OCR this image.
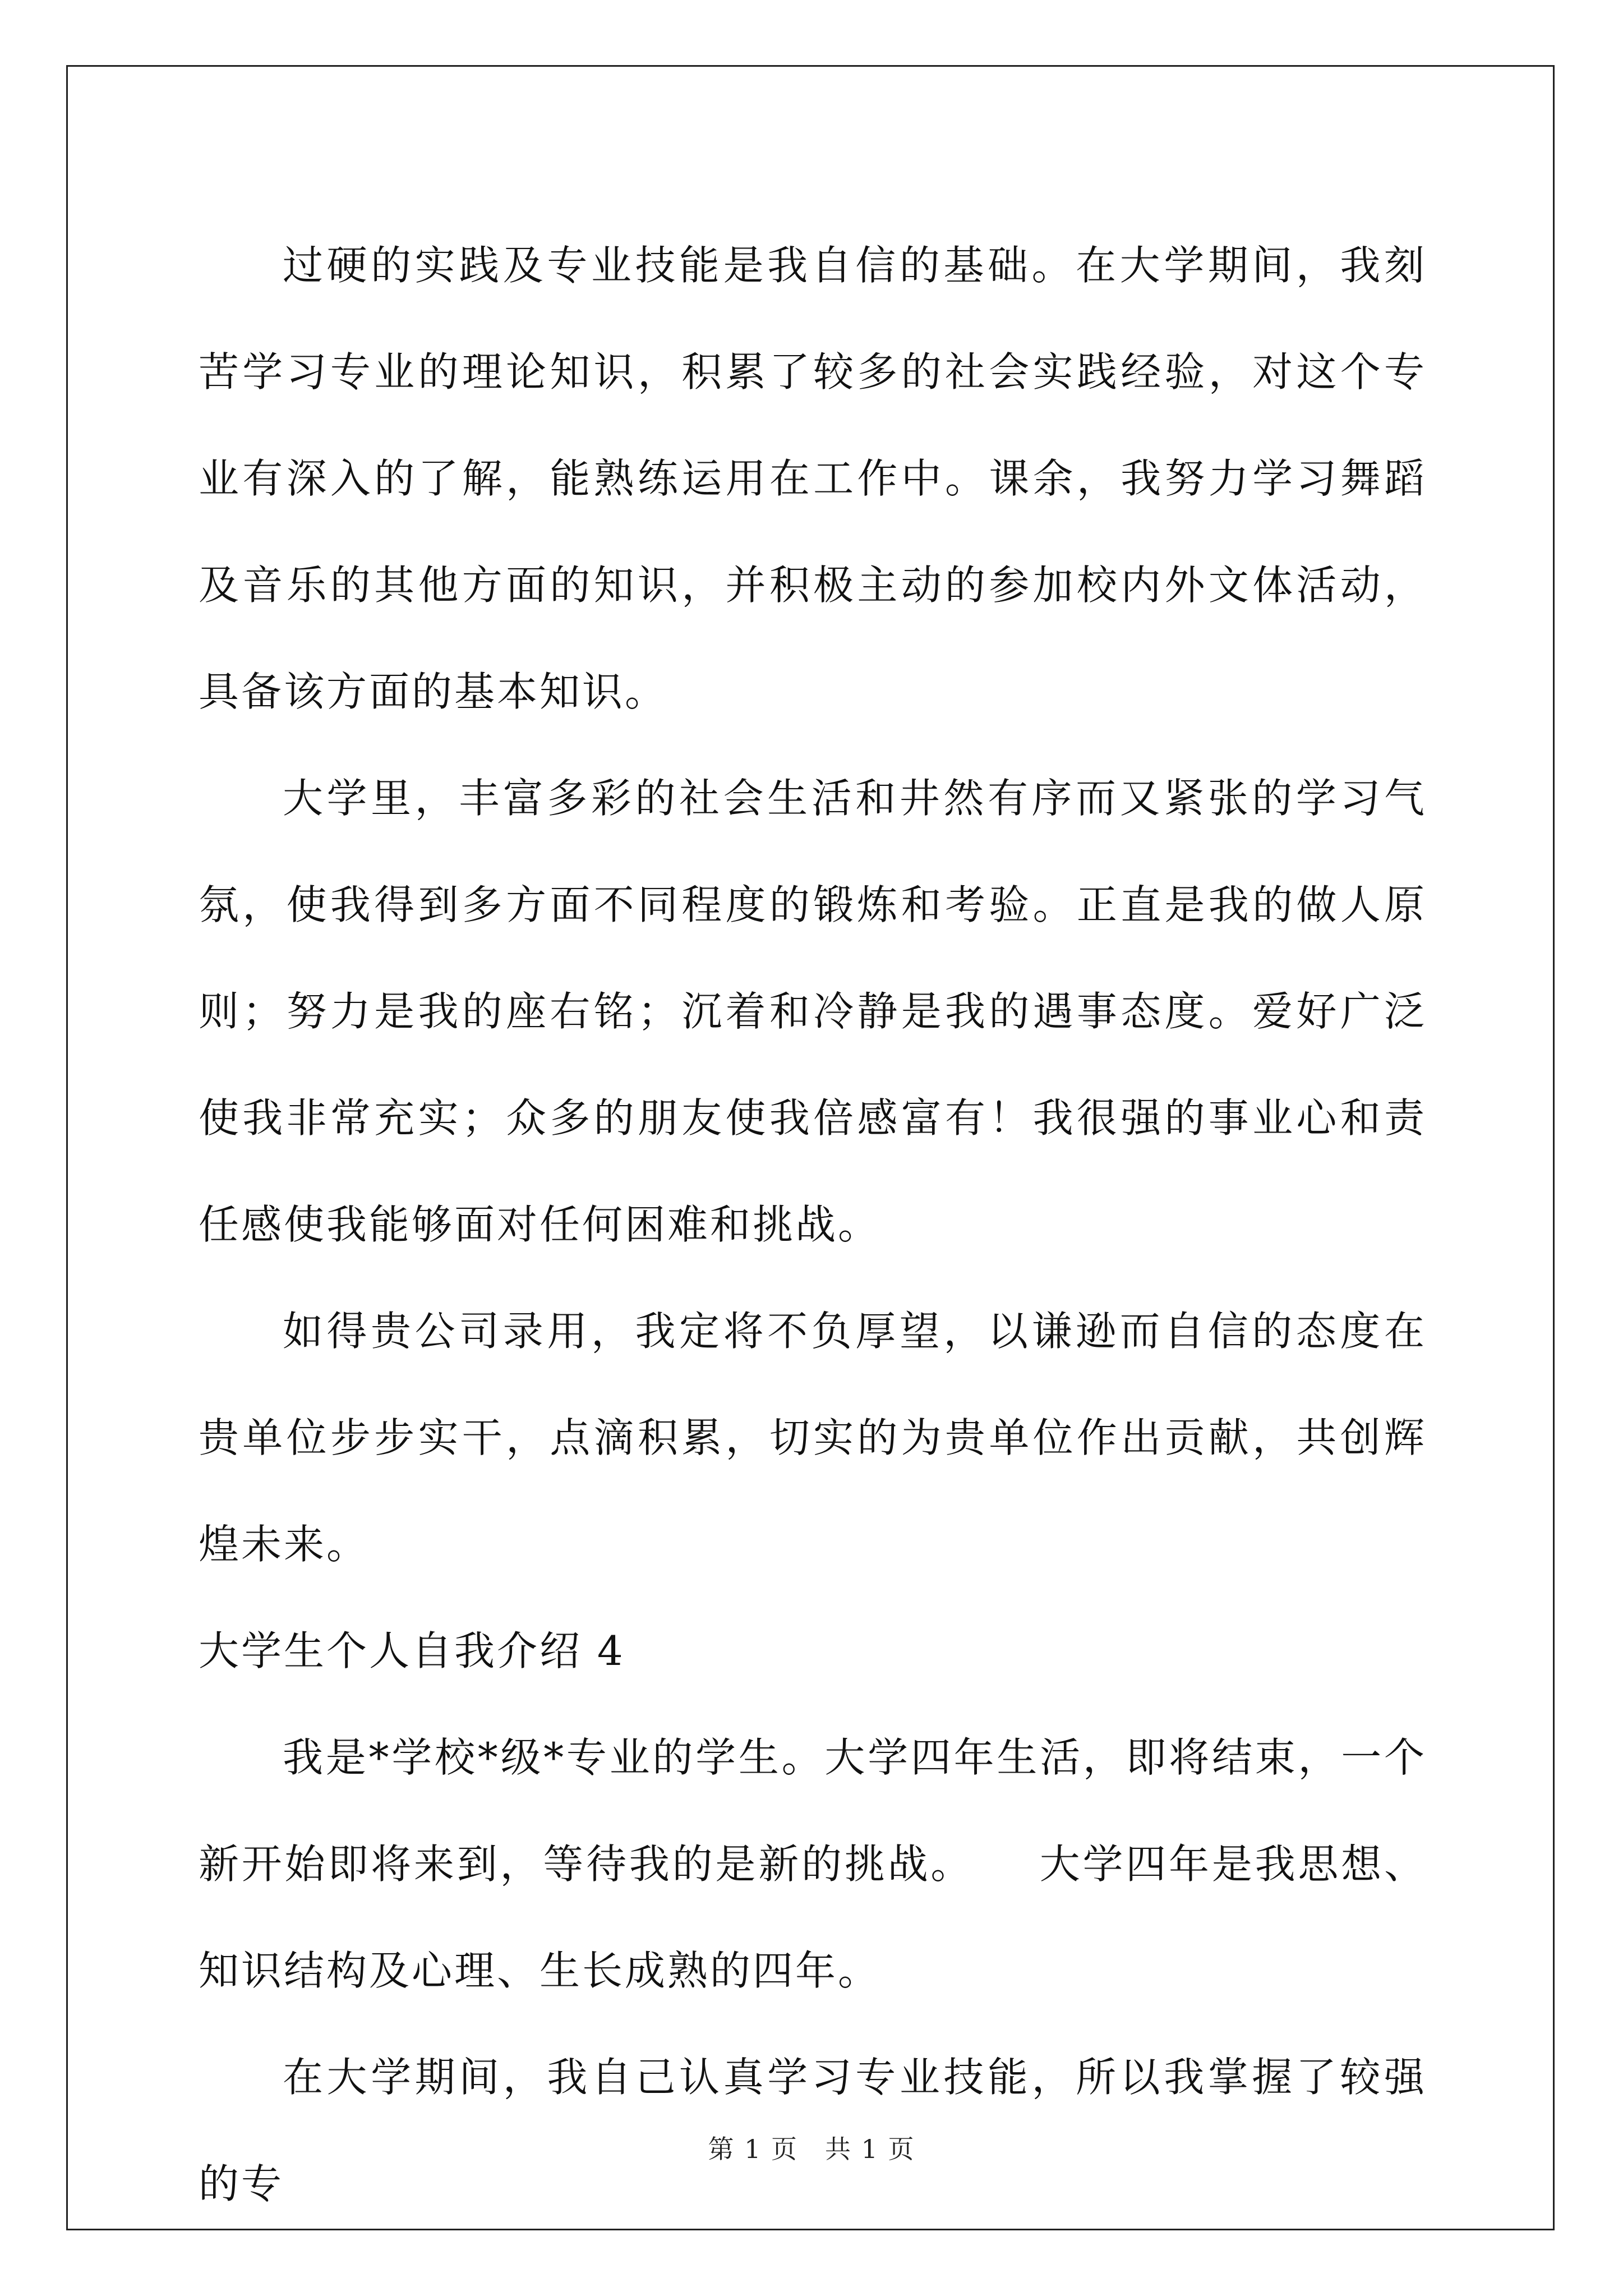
过硬的实践及专业技能是我自信的基础。在大学期间，我刻苦学习专业的理论知识，积累了较多的社会实践经验，对这个专业有深入的了解，能熟练运用在工作中。课余，我努力学习舞蹈及音乐的其他方面的知识，并积极主动的参加校内外文体活动，具备该方面的基本知识。

大学里，丰富多彩的社会生活和井然有序而又紧张的学习气氛，使我得到多方面不同程度的锻炼和考验。正直是我的做人原则；努力是我的座右铭；沉着和冷静是我的遇事态度。爱好广泛使我非常充实；众多的朋友使我倍感富有！我很强的事业心和责任感使我能够面对任何困难和挑战。

如得贵公司录用，我定将不负厚望，以谦逊而自信的态度在贵单位步步实干，点滴积累，切实的为贵单位作出贡献，共创辉煌未来。

大学生个人自我介绍 4

我是*学校*级*专业的学生。大学四年生活，即将结束，一个新开始即将来到，等待我的是新的挑战。　　大学四年是我思想、知识结构及心理、生长成熟的四年。

在大学期间，我自己认真学习专业技能，所以我掌握了较强的专

第 1 页　共 1 页
